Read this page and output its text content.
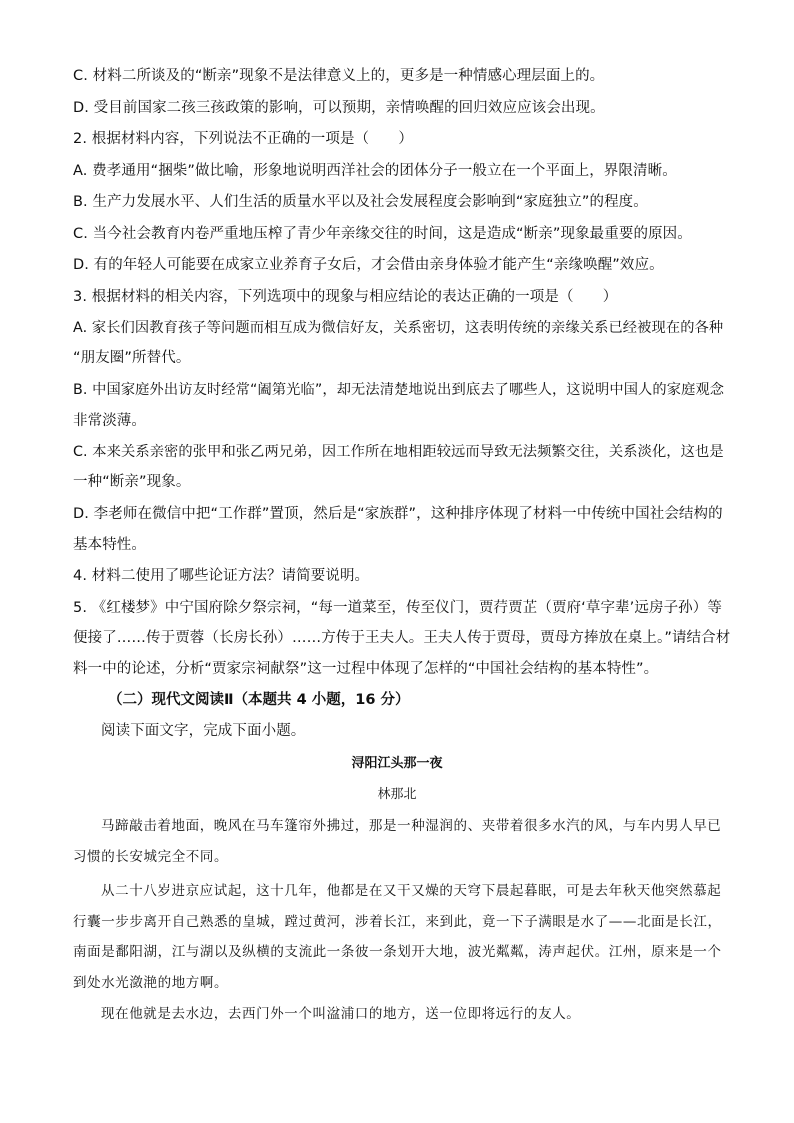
C. 材料二所谈及的“断亲”现象不是法律意义上的，更多是一种情感心理层面上的。
D. 受目前国家二孩三孩政策的影响，可以预期，亲情唤醒的回归效应应该会出现。
2. 根据材料内容，下列说法不正确的一项是（　　）
A. 费孝通用“捆柴”做比喻，形象地说明西洋社会的团体分子一般立在一个平面上，界限清晰。
B. 生产力发展水平、人们生活的质量水平以及社会发展程度会影响到“家庭独立”的程度。
C. 当今社会教育内卷严重地压榨了青少年亲缘交往的时间，这是造成“断亲”现象最重要的原因。
D. 有的年轻人可能要在成家立业养育子女后，才会借由亲身体验才能产生“亲缘唤醒”效应。
3. 根据材料的相关内容，下列选项中的现象与相应结论的表达正确的一项是（　　）
A. 家长们因教育孩子等问题而相互成为微信好友，关系密切，这表明传统的亲缘关系已经被现在的各种
“朋友圈”所替代。
B. 中国家庭外出访友时经常“阖第光临”，却无法清楚地说出到底去了哪些人，这说明中国人的家庭观念
非常淡薄。
C. 本来关系亲密的张甲和张乙两兄弟，因工作所在地相距较远而导致无法频繁交往，关系淡化，这也是
一种“断亲”现象。
D. 李老师在微信中把“工作群”置顶，然后是“家族群”，这种排序体现了材料一中传统中国社会结构的
基本特性。
4. 材料二使用了哪些论证方法？请简要说明。
5. 《红楼梦》中宁国府除夕祭宗祠，“每一道菜至，传至仪门，贾荇贾芷（贾府‘草字辈’远房子孙）等
便接了……传于贾蓉（长房长孙）……方传于王夫人。王夫人传于贾母，贾母方捧放在桌上。”请结合材
料一中的论述，分析“贾家宗祠献祭”这一过程中体现了怎样的“中国社会结构的基本特性”。
（二）现代文阅读Ⅱ（本题共 4 小题，16 分）
阅读下面文字，完成下面小题。
浔阳江头那一夜
林那北
马蹄敲击着地面，晚风在马车篷帘外拂过，那是一种湿润的、夹带着很多水汽的风，与车内男人早已
习惯的长安城完全不同。
从二十八岁进京应试起，这十几年，他都是在又干又燥的天穹下晨起暮眠，可是去年秋天他突然慕起
行囊一步步离开自己熟悉的皇城，蹚过黄河，涉着长江，来到此，竟一下子满眼是水了——北面是长江，
南面是鄱阳湖，江与湖以及纵横的支流此一条彼一条划开大地，波光粼粼，涛声起伏。江州，原来是一个
到处水光潋滟的地方啊。
现在他就是去水边，去西门外一个叫湓浦口的地方，送一位即将远行的友人。
